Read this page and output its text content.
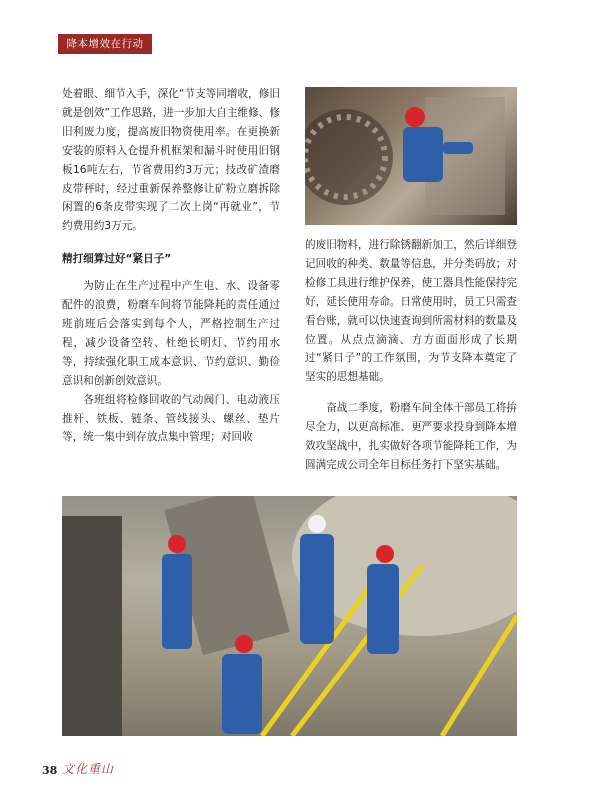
降本增效在行动

处着眼、细节入手，深化“节支等同增收，修旧就是创效”工作思路，进一步加大自主维修、修旧利废力度，提高废旧物资使用率。在更换新安装的原料入仓提升机框架和漏斗时使用旧钢板16吨左右，节省费用约3万元；技改矿渣磨皮带秤时，经过重新保养整修让矿粉立磨拆除闲置的6条皮带实现了二次上岗“再就业”，节约费用约3万元。

精打细算过好“紧日子”

为防止在生产过程中产生电、水、设备零配件的浪费，粉磨车间将节能降耗的责任通过班前班后会落实到每个人，严格控制生产过程，减少设备空转、杜绝长明灯、节约用水等，持续强化职工成本意识、节约意识、勤俭意识和创新创效意识。

各班组将检修回收的气动阀门、电动液压推杆、铁板、链条、管线接头、螺丝、垫片等，统一集中到存放点集中管理；对回收

的废旧物料，进行除锈翻新加工，然后详细登记回收的种类、数量等信息，并分类码放；对检修工具进行维护保养，使工器具性能保持完好，延长使用寿命。日常使用时，员工只需查看台账，就可以快速查询到所需材料的数量及位置。从点点滴滴、方方面面形成了长期过“紧日子”的工作氛围，为节支降本奠定了坚实的思想基础。

奋战二季度，粉磨车间全体干部员工将拚尽全力，以更高标准、更严要求投身到降本增效攻坚战中，扎实做好各项节能降耗工作，为圆满完成公司全年目标任务打下坚实基础。

38 文化重山
